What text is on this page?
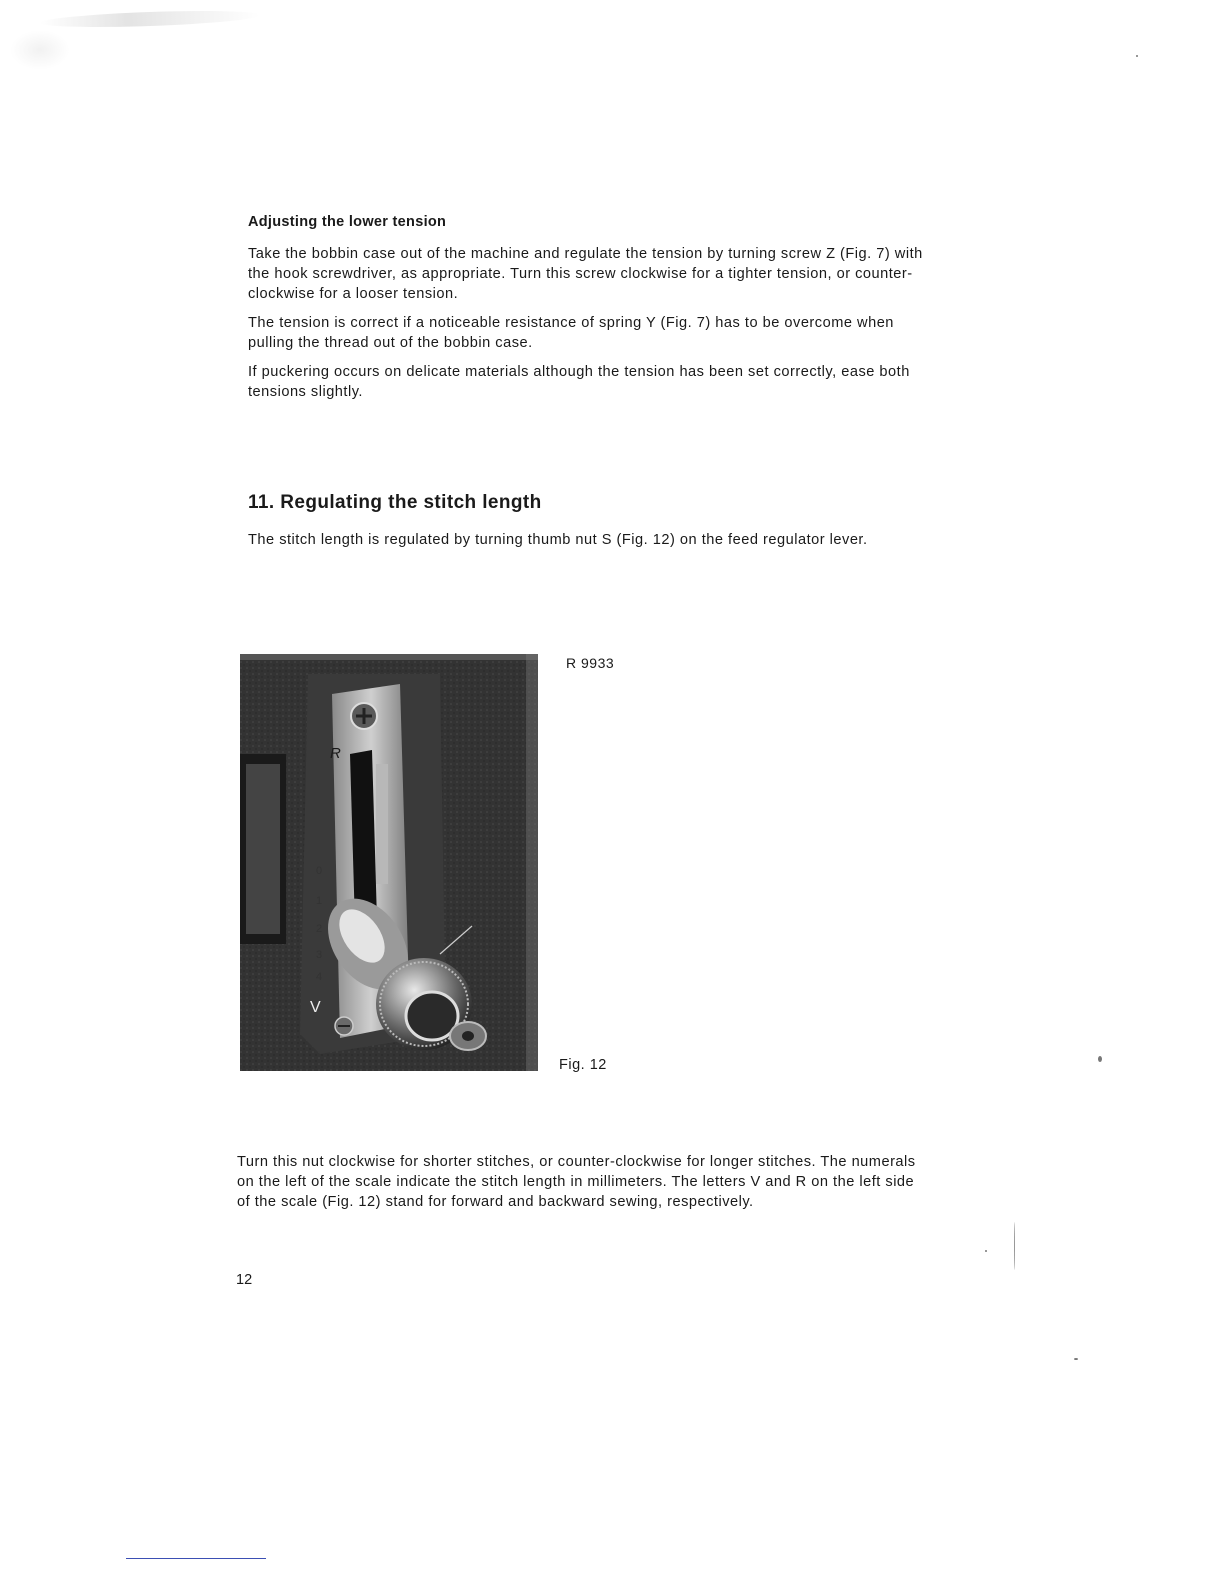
Adjusting the lower tension

Take the bobbin case out of the machine and regulate the tension by turning screw Z (Fig. 7) with the hook screwdriver, as appropriate. Turn this screw clockwise for a tighter tension, or counter-clockwise for a looser tension.

The tension is correct if a noticeable resistance of spring Y (Fig. 7) has to be overcome when pulling the thread out of the bobbin case.

If puckering occurs on delicate materials although the tension has been set correctly, ease both tensions slightly.

11. Regulating the stitch length

The stitch length is regulated by turning thumb nut S (Fig. 12) on the feed regulator lever.

R
0
1
2
3
4
V
R 9933
Fig. 12

Turn this nut clockwise for shorter stitches, or counter-clockwise for longer stitches. The numerals on the left of the scale indicate the stitch length in millimeters. The letters V and R on the left side of the scale (Fig. 12) stand for forward and backward sewing, respectively.

12
